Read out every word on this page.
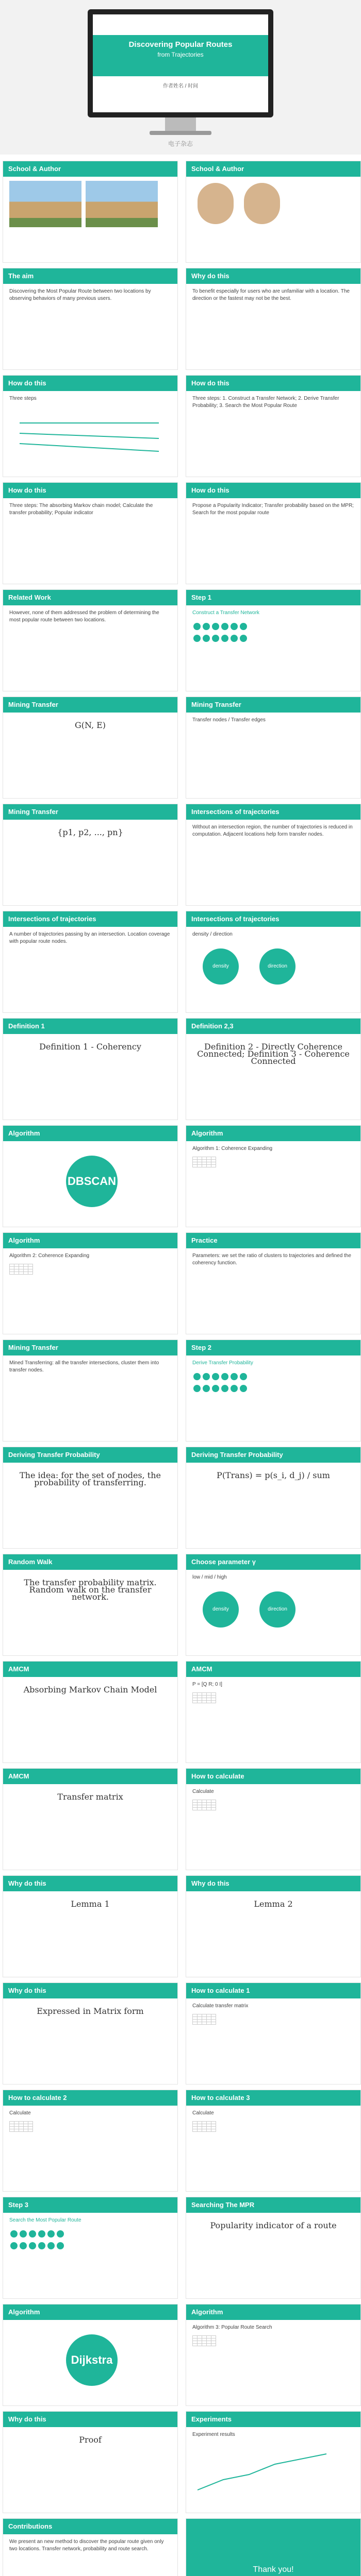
Discovering Popular Routes
from Trajectories
作者姓名 / 时间
电子杂志
School & Author	School & Author
The aim
Discovering the Most Popular Route between two locations by observing behaviors of many previous users.
Why do this
To benefit especially for users who are unfamiliar with a location. The direction or the fastest may not be the best.
How do this
Three steps
How do this
Three steps: 1. Construct a Transfer Network; 2. Derive Transfer Probability; 3. Search the Most Popular Route
How do this
Three steps: The absorbing Markov chain model; Calculate the transfer probability; Popular indicator
How do this
Propose a Popularity Indicator; Transfer probability based on the MPR; Search for the most popular route
Related Work
However, none of them addressed the problem of determining the most popular route between two locations.
Step 1
Construct a Transfer Network
Mining Transfer
G(N, E)
Mining Transfer
Transfer nodes / Transfer edges
Mining Transfer
{p1, p2, ..., pn}
Intersections of trajectories
Without an intersection region, the number of trajectories is reduced in computation. Adjacent locations help form transfer nodes.
Intersections of trajectories
A number of trajectories passing by an intersection. Location coverage with popular route nodes.
Intersections of trajectories
density / direction
density	direction
Definition 1
Definition 1 - Coherency
Definition 2,3
Definition 2 - Directly Coherence Connected; Definition 3 - Coherence Connected
Algorithm
DBSCAN
Algorithm
Algorithm 1: Coherence Expanding

Algorithm
Algorithm 2: Coherence Expanding

Practice
Parameters: we set the ratio of clusters to trajectories and defined the coherency function.
Mining Transfer
Mined Transferring: all the transfer intersections, cluster them into transfer nodes.
Step 2
Derive Transfer Probability
Deriving Transfer Probability
The idea: for the set of nodes, the probability of transferring.
Deriving Transfer Probability
P(Trans) = p(s_i, d_j) / sum
Random Walk
The transfer probability matrix. Random walk on the transfer network.
Choose parameter γ
low / mid / high
density	direction
AMCM
Absorbing Markov Chain Model
AMCM
P = [Q R; 0 I]

AMCM
Transfer matrix
How to calculate
Calculate

Why do this
Lemma 1
Why do this
Lemma 2
Why do this
Expressed in Matrix form
How to calculate 1
Calculate transfer matrix

How to calculate 2
Calculate

How to calculate 3
Calculate

Step 3
Search the Most Popular Route
Searching The MPR
Popularity indicator of a route
Algorithm
Dijkstra
Algorithm
Algorithm 3: Popular Route Search

Why do this
Proof
Experiments
Experiment results
Contributions
We present an new method to discover the popular route given only two locations. Transfer network, probability and route search.
Thank you!
